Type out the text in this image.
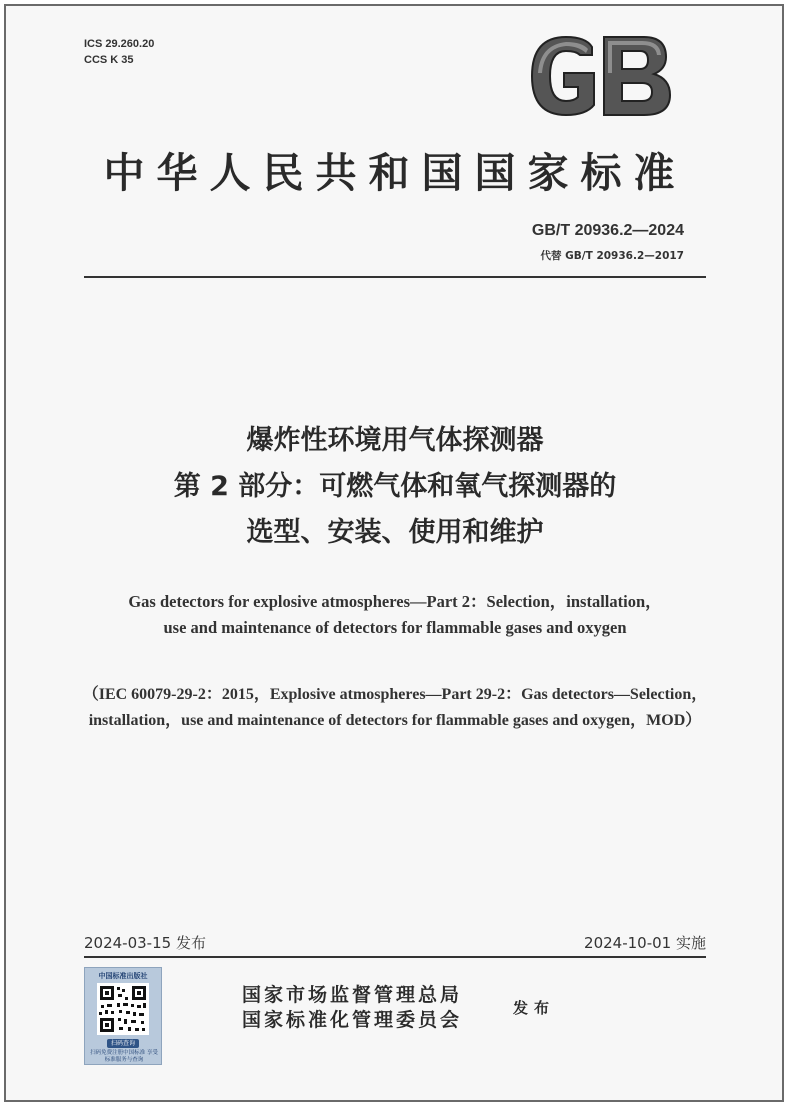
ICS 29.260.20
CCS K 35
中华人民共和国国家标准
GB/T 20936.2—2024
代替 GB/T 20936.2—2017
爆炸性环境用气体探测器
第 2 部分：可燃气体和氧气探测器的
选型、安装、使用和维护
Gas detectors for explosive atmospheres—Part 2：Selection，installation，
use and maintenance of detectors for flammable gases and oxygen
（IEC 60079-29-2：2015，Explosive atmospheres—Part 29-2：Gas detectors—Selection，
installation，use and maintenance of detectors for flammable gases and oxygen，MOD）
2024-03-15 发布	2024-10-01 实施
中国标准出版社
扫码查询
扫码免费注册中国标准 享受标准服务与查询
国家市场监督管理总局
国家标准化管理委员会
发布
